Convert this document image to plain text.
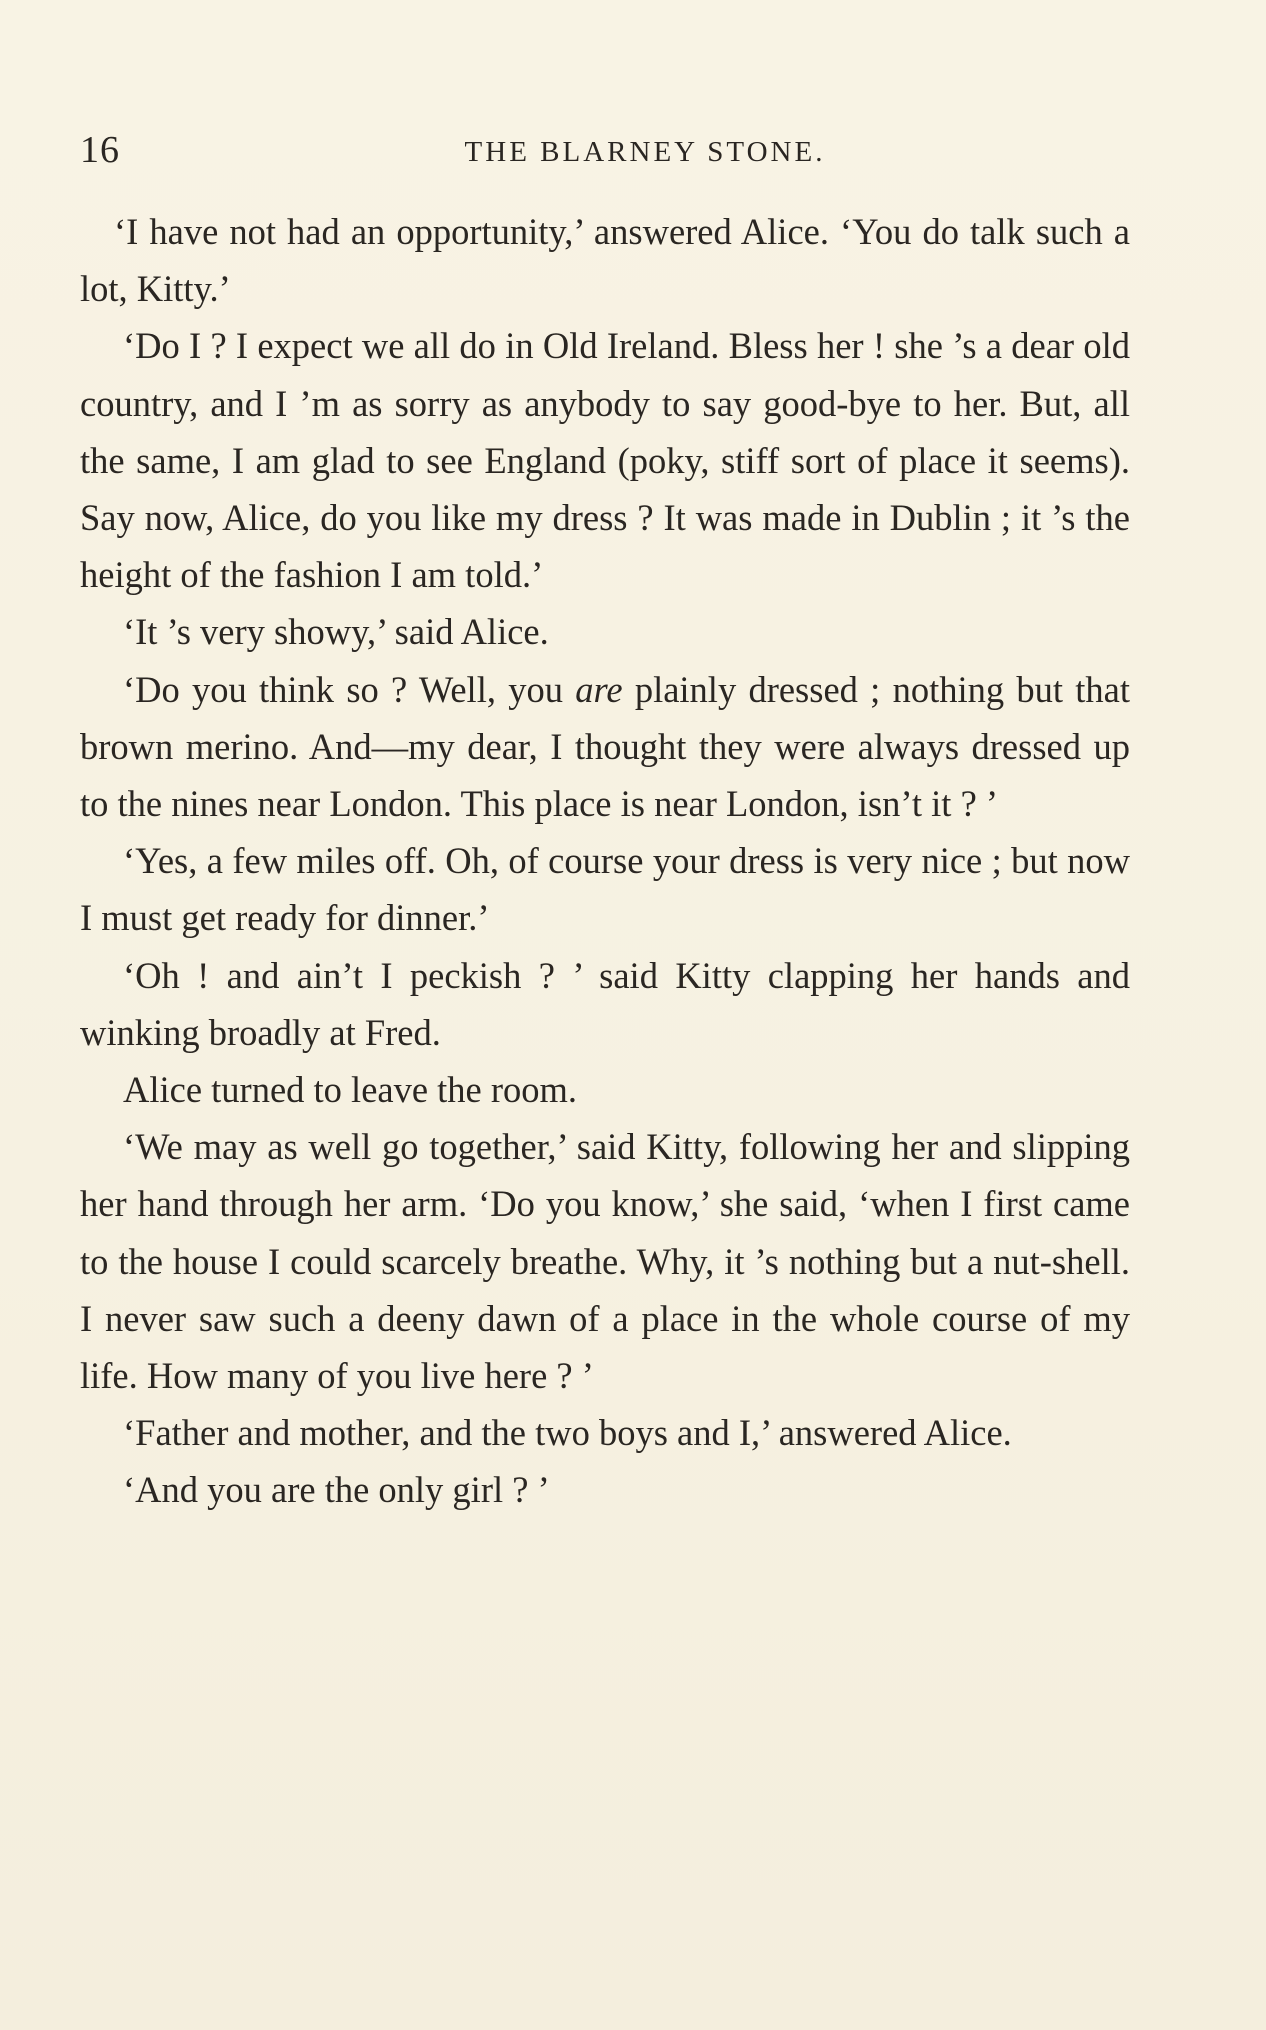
16	THE BLARNEY STONE.

‘I have not had an opportunity,’ answered Alice. ‘You do talk such a lot, Kitty.’

‘Do I ? I expect we all do in Old Ireland. Bless her ! she ’s a dear old country, and I ’m as sorry as anybody to say good-bye to her. But, all the same, I am glad to see England (poky, stiff sort of place it seems). Say now, Alice, do you like my dress ? It was made in Dublin ; it ’s the height of the fashion I am told.’

‘It ’s very showy,’ said Alice.

‘Do you think so ? Well, you are plainly dressed ; nothing but that brown merino. And—my dear, I thought they were always dressed up to the nines near London. This place is near London, isn’t it ? ’

‘Yes, a few miles off. Oh, of course your dress is very nice ; but now I must get ready for dinner.’

‘Oh ! and ain’t I peckish ? ’ said Kitty clapping her hands and winking broadly at Fred.

Alice turned to leave the room.

‘We may as well go together,’ said Kitty, following her and slipping her hand through her arm. ‘Do you know,’ she said, ‘when I first came to the house I could scarcely breathe. Why, it ’s nothing but a nut-shell. I never saw such a deeny dawn of a place in the whole course of my life. How many of you live here ? ’

‘Father and mother, and the two boys and I,’ answered Alice.

‘And you are the only girl ? ’
